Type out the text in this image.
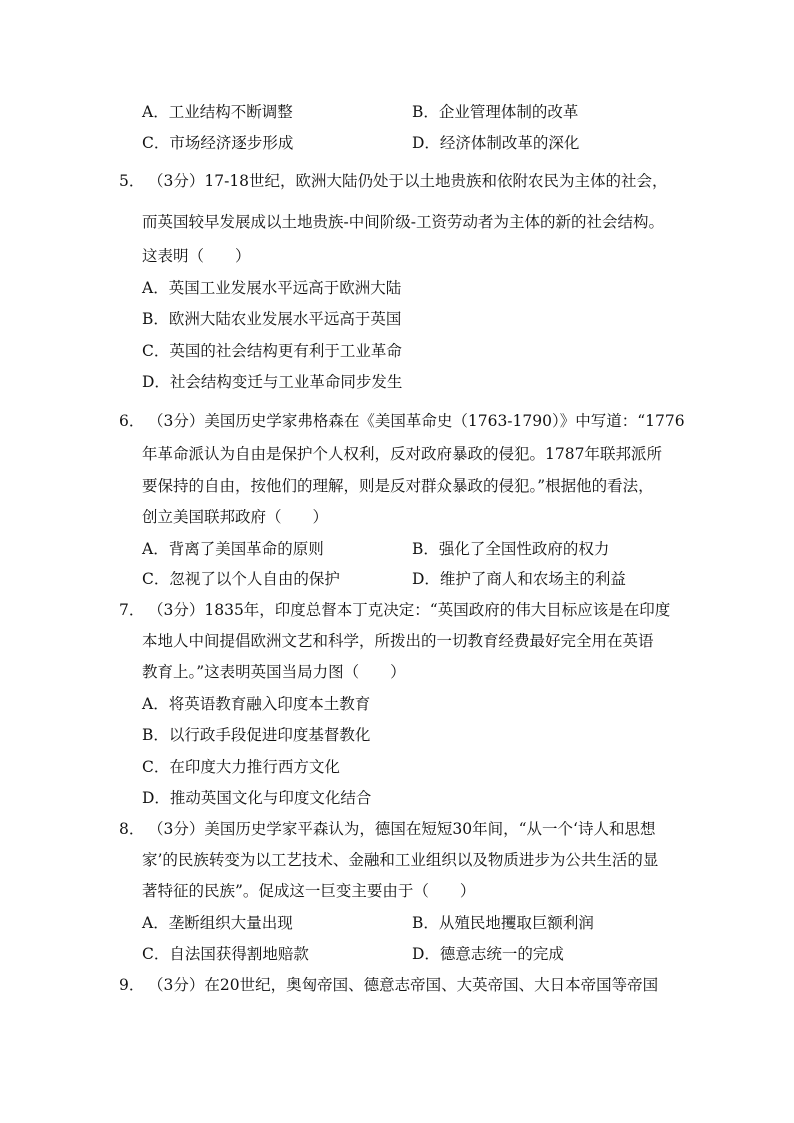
A．工业结构不断调整	B．企业管理体制的改革
C．市场经济逐步形成	D．经济体制改革的深化
5． （3分）17-18世纪，欧洲大陆仍处于以土地贵族和依附农民为主体的社会，
而英国较早发展成以土地贵族-中间阶级-工资劳动者为主体的新的社会结构。
这表明（　　）
A．英国工业发展水平远高于欧洲大陆
B．欧洲大陆农业发展水平远高于英国
C．英国的社会结构更有利于工业革命
D．社会结构变迁与工业革命同步发生
6． （3分）美国历史学家弗格森在《美国革命史（1763-1790）》中写道：“1776
年革命派认为自由是保护个人权利，反对政府暴政的侵犯。1787年联邦派所
要保持的自由，按他们的理解，则是反对群众暴政的侵犯。”根据他的看法，
创立美国联邦政府（　　）
A．背离了美国革命的原则	B．强化了全国性政府的权力
C．忽视了以个人自由的保护	D．维护了商人和农场主的利益
7． （3分）1835年，印度总督本丁克决定：“英国政府的伟大目标应该是在印度
本地人中间提倡欧洲文艺和科学，所拨出的一切教育经费最好完全用在英语
教育上。”这表明英国当局力图（　　）
A．将英语教育融入印度本土教育
B．以行政手段促进印度基督教化
C．在印度大力推行西方文化
D．推动英国文化与印度文化结合
8． （3分）美国历史学家平森认为，德国在短短30年间，“从一个‘诗人和思想
家’的民族转变为以工艺技术、金融和工业组织以及物质进步为公共生活的显
著特征的民族”。促成这一巨变主要由于（　　）
A．垄断组织大量出现	B．从殖民地攫取巨额利润
C．自法国获得割地赔款	D．德意志统一的完成
9． （3分）在20世纪，奥匈帝国、德意志帝国、大英帝国、大日本帝国等帝国
